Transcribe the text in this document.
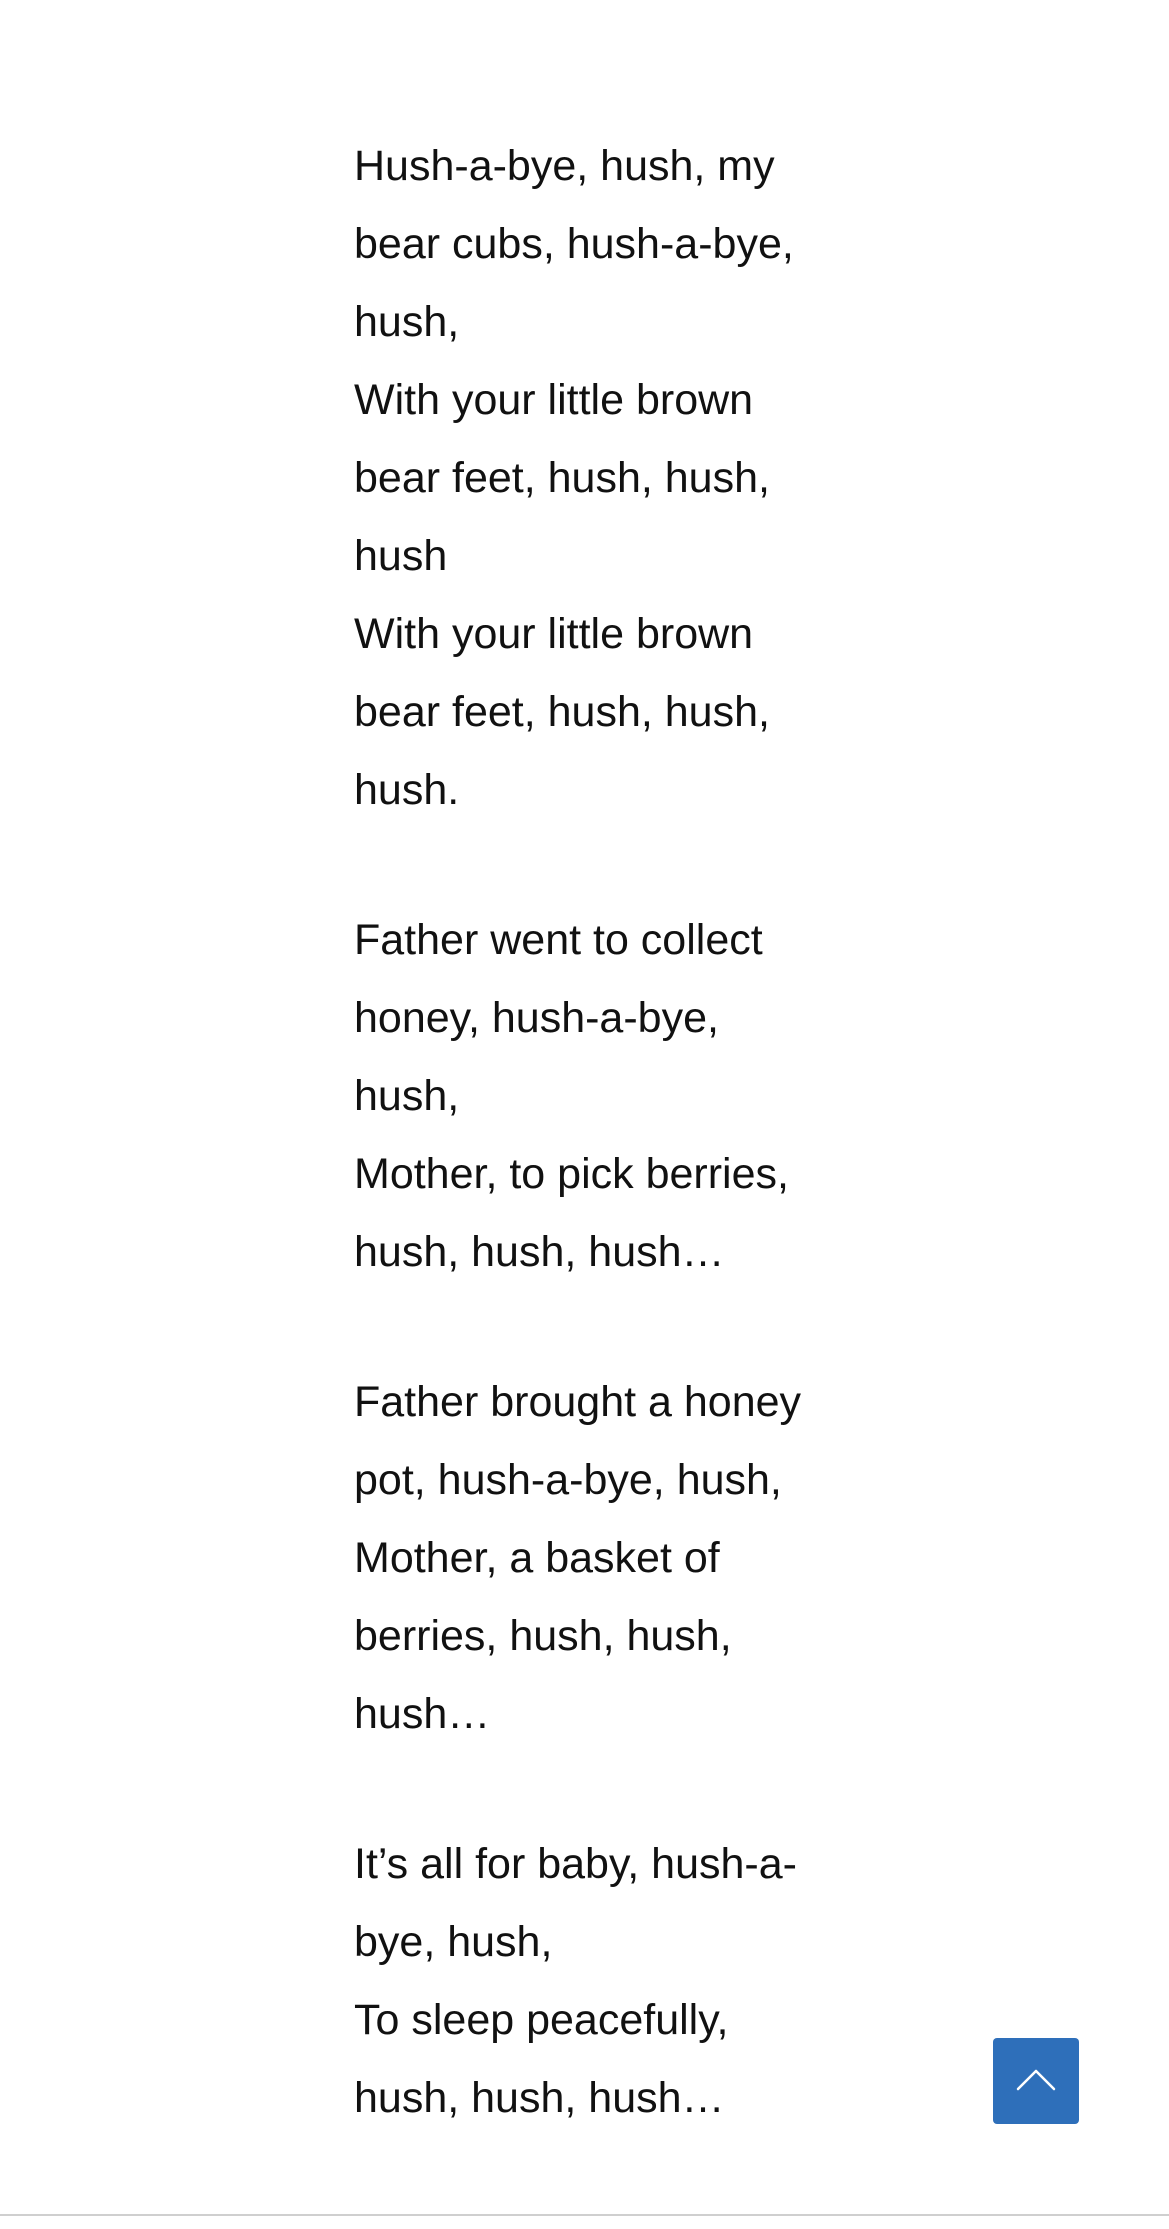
Hush-a-bye, hush, my bear cubs, hush-a-bye, hush,

With your little brown bear feet, hush, hush, hush

With your little brown bear feet, hush, hush, hush.

Father went to collect honey, hush-a-bye, hush,

Mother, to pick berries, hush, hush, hush…

Father brought a honey pot, hush-a-bye, hush,

Mother, a basket of berries, hush, hush, hush…

It’s all for baby, hush-a-bye, hush,

To sleep peacefully, hush, hush, hush…
